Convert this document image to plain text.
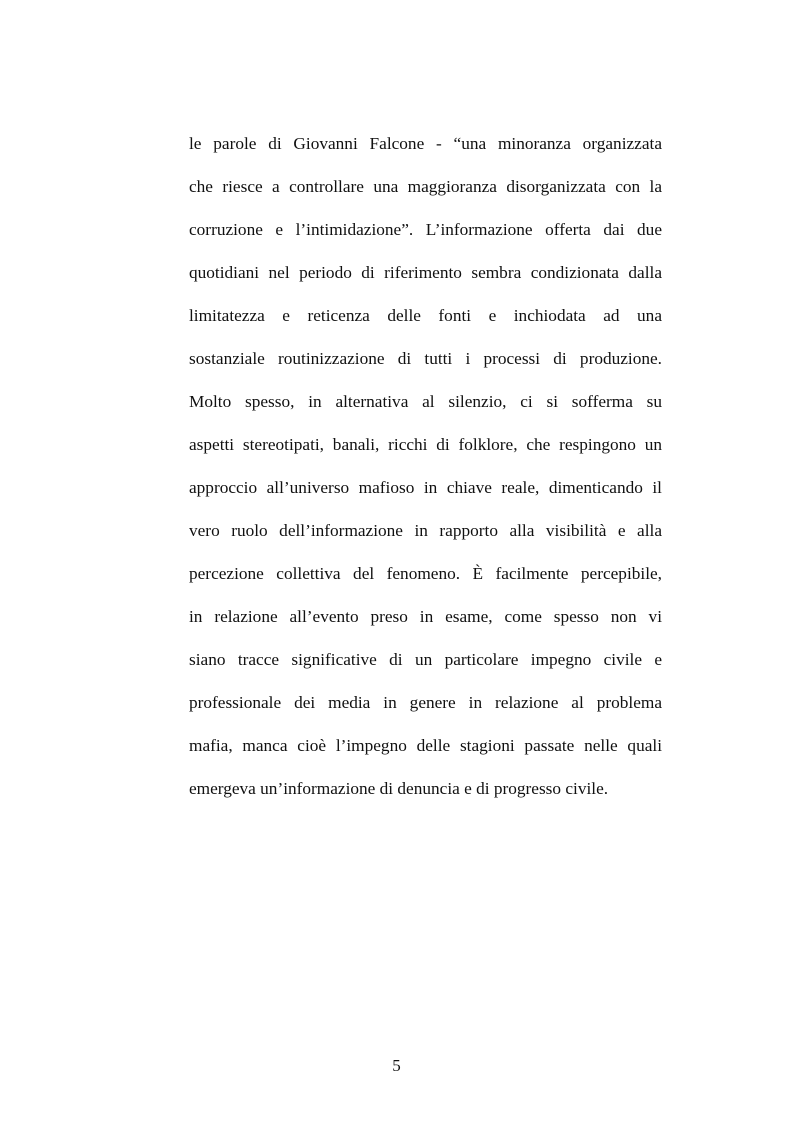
le parole di Giovanni Falcone - “una minoranza organizzata
che riesce a controllare una maggioranza disorganizzata con la
corruzione e l’intimidazione”. L’informazione offerta dai due
quotidiani nel periodo di riferimento sembra condizionata dalla
limitatezza e reticenza delle fonti e inchiodata ad una
sostanziale routinizzazione di tutti i processi di produzione.
Molto spesso, in alternativa al silenzio, ci si sofferma su
aspetti stereotipati, banali, ricchi di folklore, che respingono un
approccio all’universo mafioso in chiave reale, dimenticando il
vero ruolo dell’informazione in rapporto alla visibilità e alla
percezione collettiva del fenomeno. È facilmente percepibile,
in relazione all’evento preso in esame, come spesso non vi
siano tracce significative di un particolare impegno civile e
professionale dei media in genere in relazione al problema
mafia, manca cioè l’impegno delle stagioni passate nelle quali
emergeva un’informazione di denuncia e di progresso civile.
5
